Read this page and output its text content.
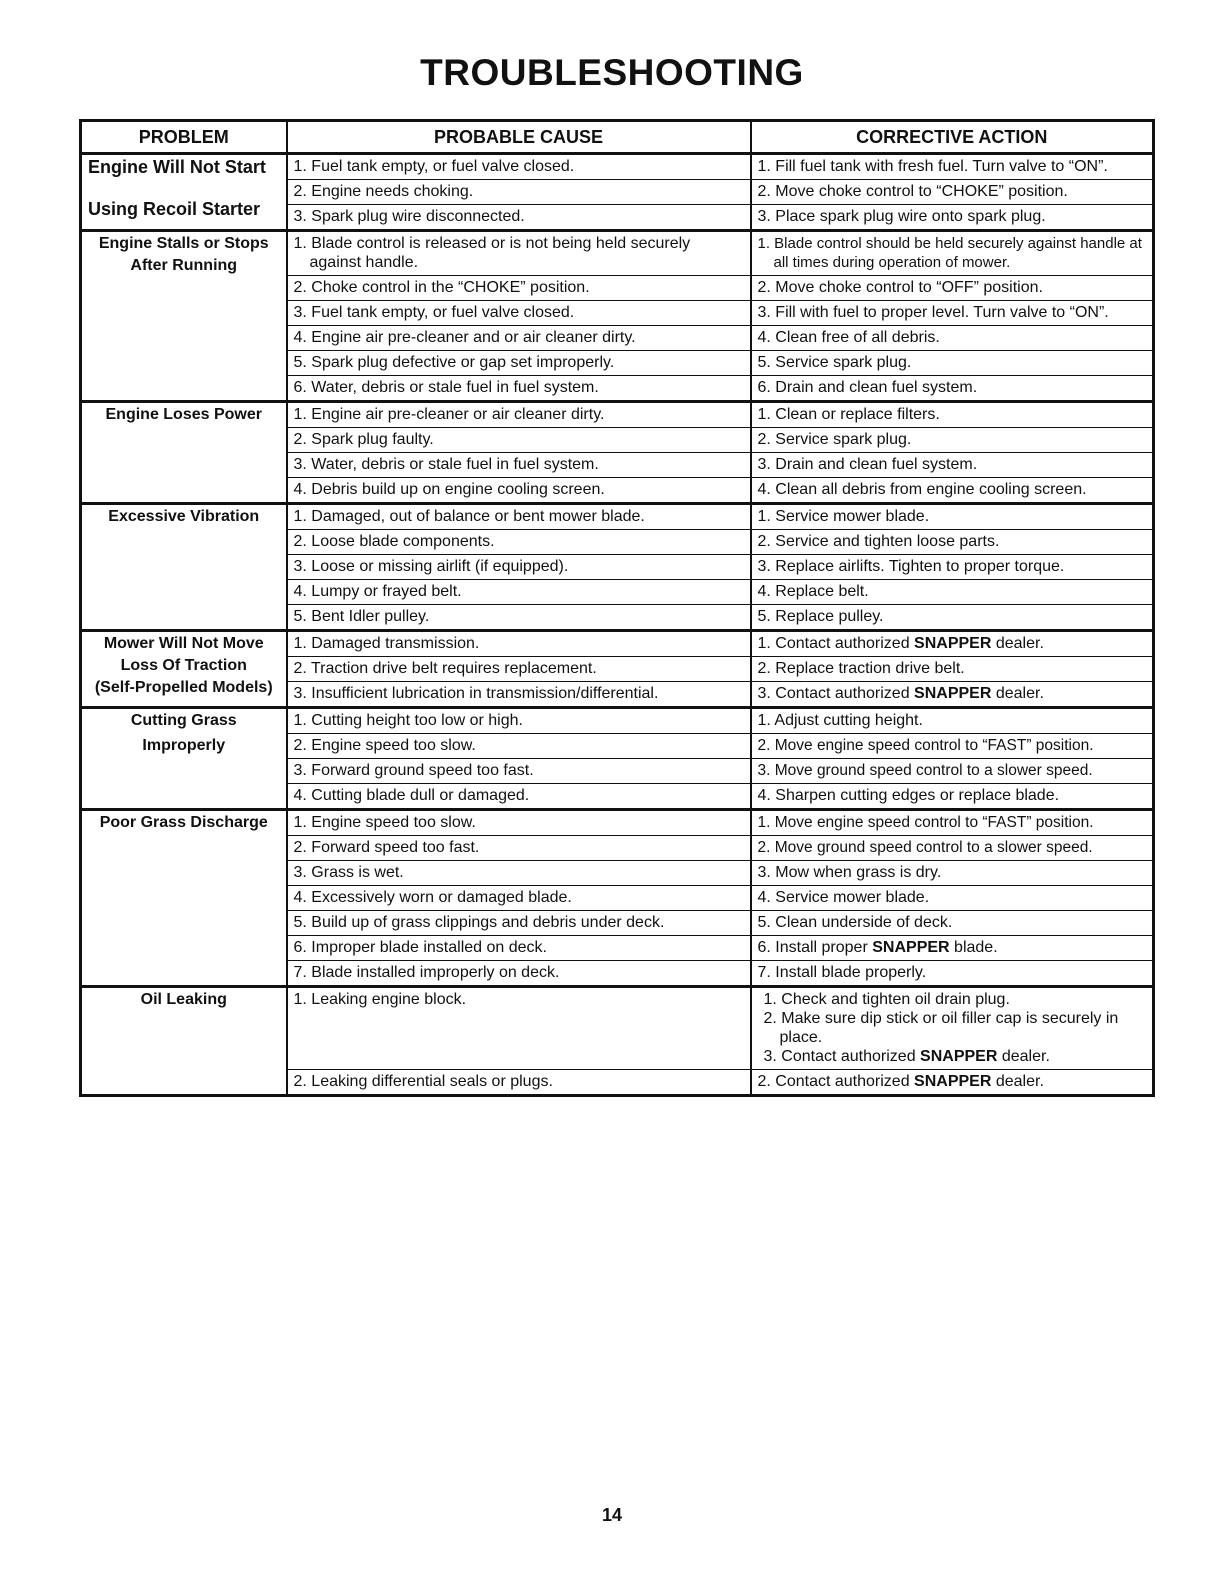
TROUBLESHOOTING
PROBLEM	PROBABLE CAUSE	CORRECTIVE ACTION

Engine Will Not Start
Using Recoil Starter	1. Fuel tank empty, or fuel valve closed.	1. Fill fuel tank with fresh fuel. Turn valve to “ON”.
	2. Engine needs choking.	2. Move choke control to “CHOKE” position.
	3. Spark plug wire disconnected.	3. Place spark plug wire onto spark plug.

Engine Stalls or Stops
After Running	1. Blade control is released or is not being held securely against handle.	1. Blade control should be held securely against handle at all times during operation of mower.
	2. Choke control in the “CHOKE” position.	2. Move choke control to “OFF” position.
	3. Fuel tank empty, or fuel valve closed.	3. Fill with fuel to proper level. Turn valve to “ON”.
	4. Engine air pre-cleaner and or air cleaner dirty.	4. Clean free of all debris.
	5. Spark plug defective or gap set improperly.	5. Service spark plug.
	6. Water, debris or stale fuel in fuel system.	6. Drain and clean fuel system.

Engine Loses Power	1. Engine air pre-cleaner or air cleaner dirty.	1. Clean or replace filters.
	2. Spark plug faulty.	2. Service spark plug.
	3. Water, debris or stale fuel in fuel system.	3. Drain and clean fuel system.
	4. Debris build up on engine cooling screen.	4. Clean all debris from engine cooling screen.

Excessive Vibration	1. Damaged, out of balance or bent mower blade.	1. Service mower blade.
	2. Loose blade components.	2. Service and tighten loose parts.
	3. Loose or missing airlift (if equipped).	3. Replace airlifts. Tighten to proper torque.
	4. Lumpy or frayed belt.	4. Replace belt.
	5. Bent Idler pulley.	5. Replace pulley.

Mower Will Not Move
Loss Of Traction
(Self-Propelled Models)	1. Damaged transmission.	1. Contact authorized SNAPPER dealer.
	2. Traction drive belt requires replacement.	2. Replace traction drive belt.
	3. Insufficient lubrication in transmission/differential.	3. Contact authorized SNAPPER dealer.

Cutting Grass
Improperly	1. Cutting height too low or high.	1. Adjust cutting height.
	2. Engine speed too slow.	2. Move engine speed control to “FAST” position.
	3. Forward ground speed too fast.	3. Move ground speed control to a slower speed.
	4. Cutting blade dull or damaged.	4. Sharpen cutting edges or replace blade.

Poor Grass Discharge	1. Engine speed too slow.	1. Move engine speed control to “FAST” position.
	2. Forward speed too fast.	2. Move ground speed control to a slower speed.
	3. Grass is wet.	3. Mow when grass is dry.
	4. Excessively worn or damaged blade.	4. Service mower blade.
	5. Build up of grass clippings and debris under deck.	5. Clean underside of deck.
	6. Improper blade installed on deck.	6. Install proper SNAPPER blade.
	7. Blade installed improperly on deck.	7. Install blade properly.

Oil Leaking	1. Leaking engine block.	1. Check and tighten oil drain plug.
2. Make sure dip stick or oil filler cap is securely in place.
3. Contact authorized SNAPPER dealer.

	2. Leaking differential seals or plugs.	2. Contact authorized SNAPPER dealer.
14
